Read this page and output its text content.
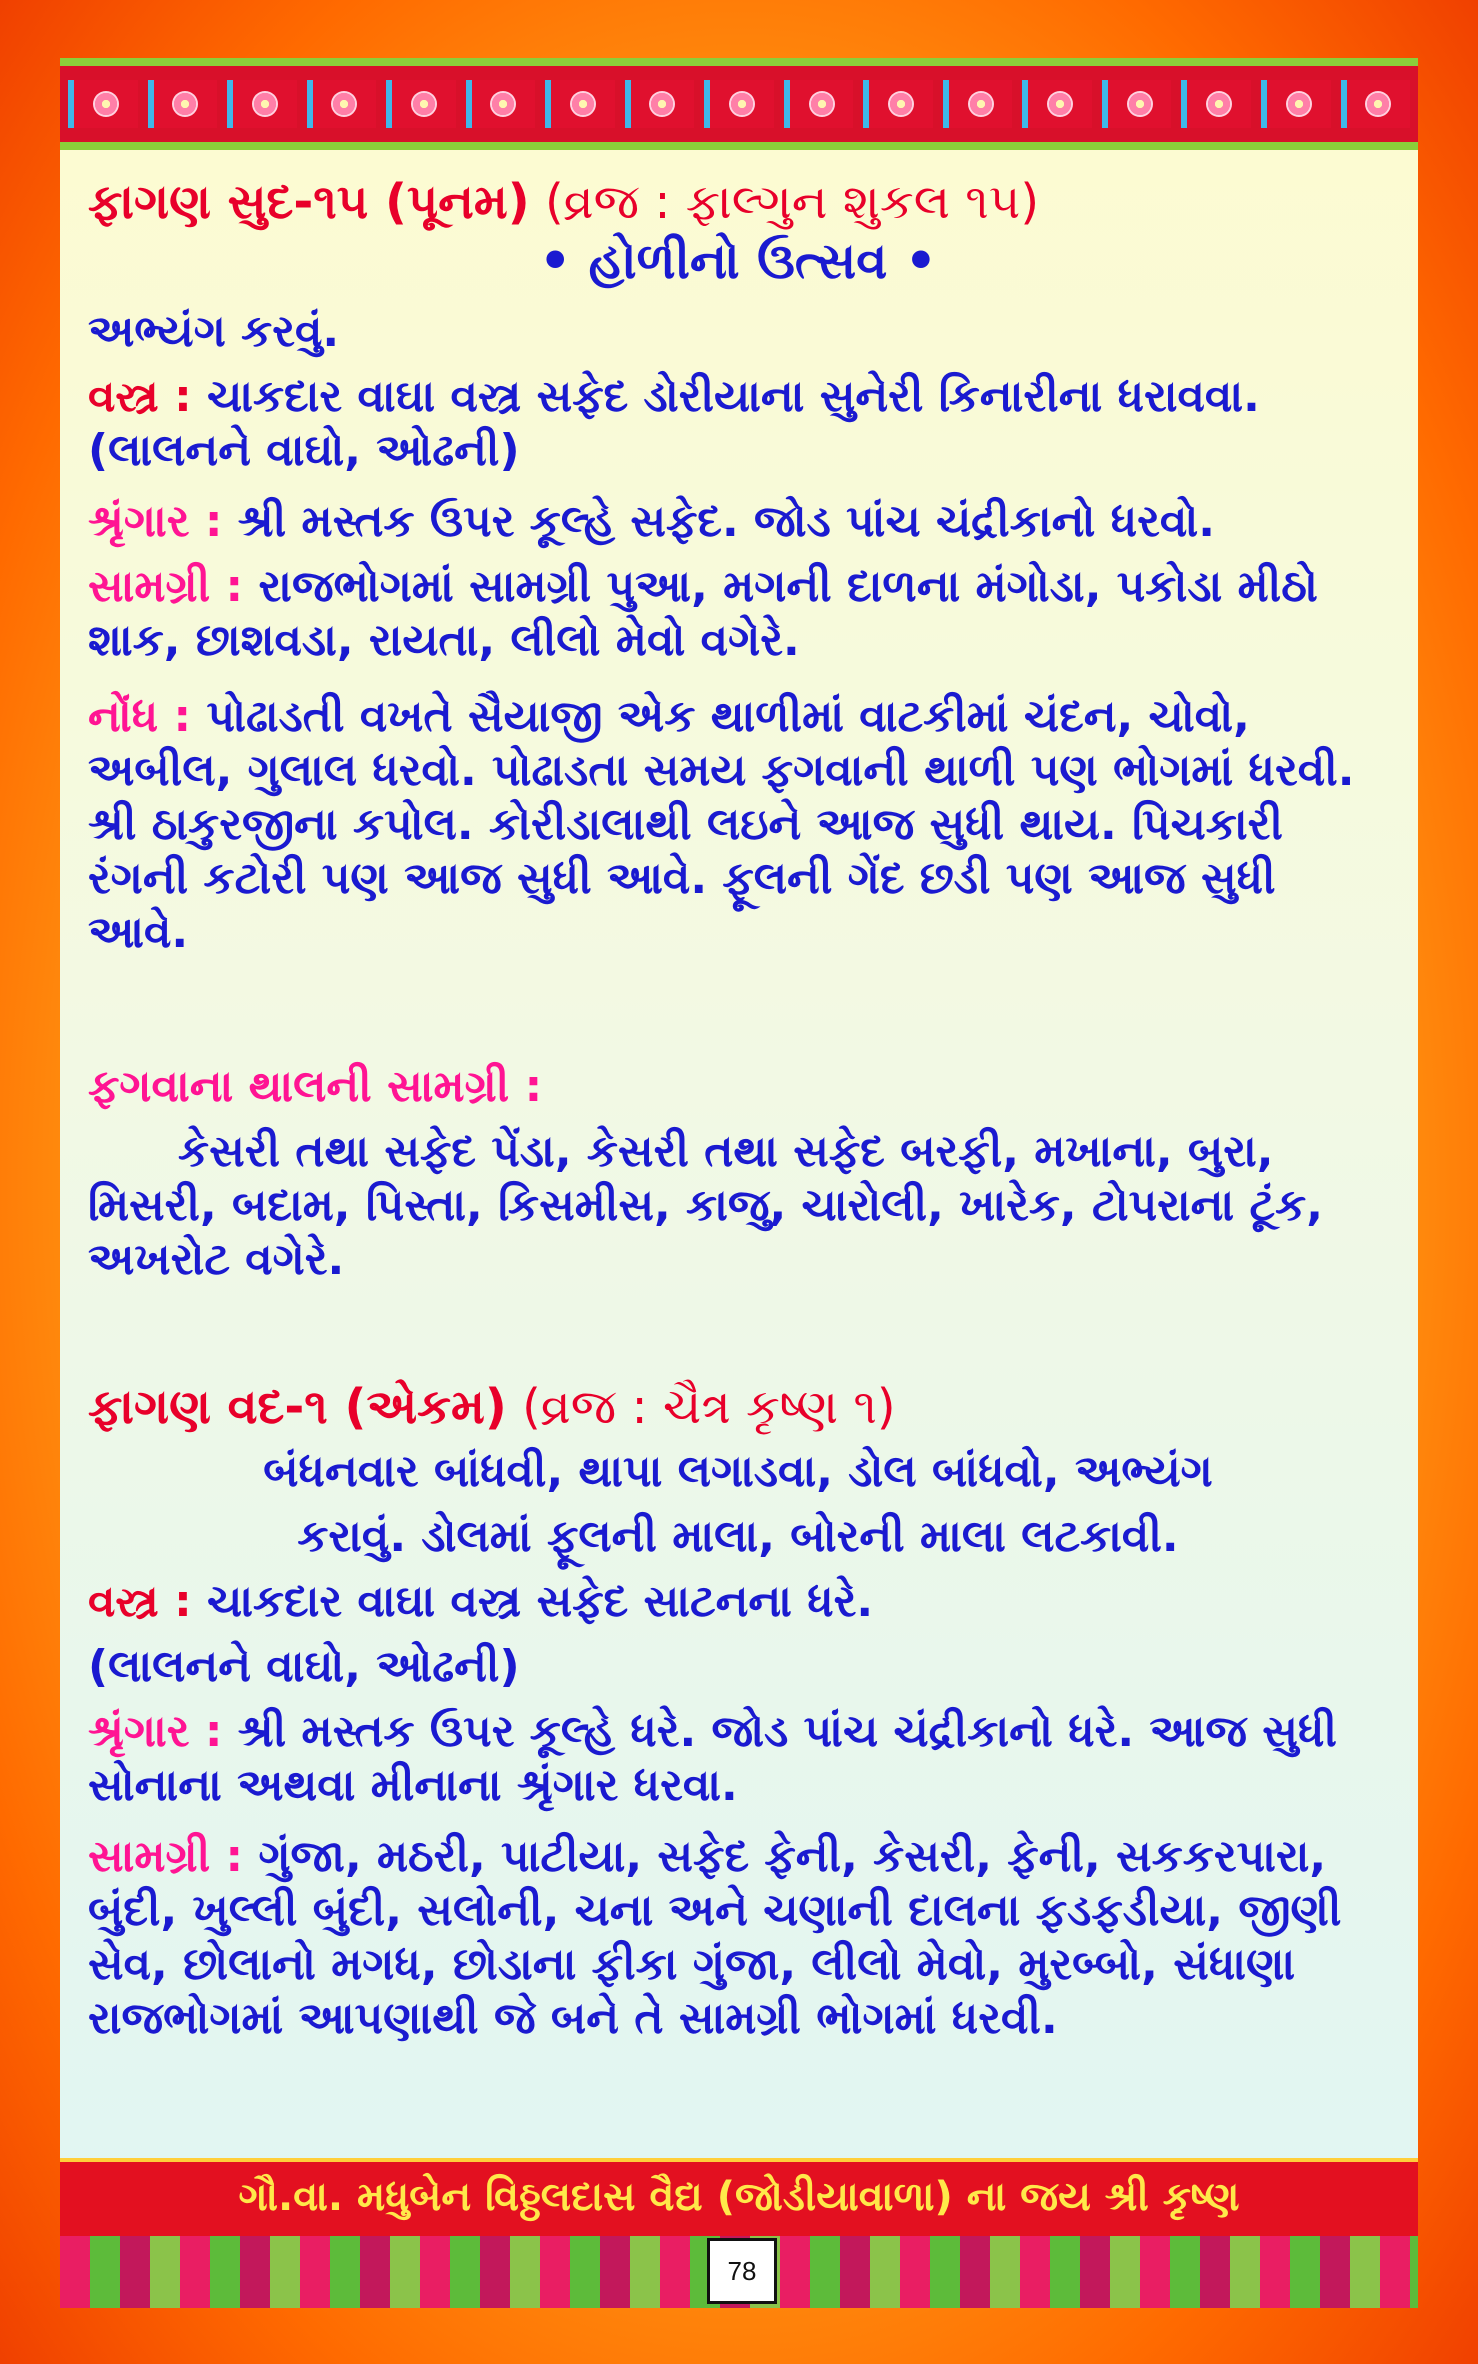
ફાગણ સુદ-૧૫ (પૂનમ) (વ્રજ : ફાલ્ગુન શુકલ ૧૫)
• હોળીનો ઉત્સવ •
અભ્યંગ કરવું.
વસ્ત્ર : ચાકદાર વાઘા વસ્ત્ર સફેદ ડોરીયાના સુનેરી કિનારીના ધરાવવા. (લાલનને વાઘો, ઓઢની)
શ્રૃંગાર : શ્રી મસ્તક ઉપર કૂલ્હે સફેદ. જોડ પાંચ ચંદ્રીકાનો ધરવો.
સામગ્રી : રાજભોગમાં સામગ્રી પુઆ, મગની દાળના મંગોડા, પકોડા મીઠો શાક, છાશવડા, રાયતા, લીલો મેવો વગેરે.
નોંધ : પોઢાડતી વખતે સૈયાજી એક થાળીમાં વાટકીમાં ચંદન, ચોવો, અબીલ, ગુલાલ ધરવો. પોઢાડતા સમય ફગવાની થાળી પણ ભોગમાં ધરવી. શ્રી ઠાકુરજીના કપોલ. કોરીડાલાથી લઇને આજ સુધી થાય. પિચકારી રંગની કટોરી પણ આજ સુધી આવે. ફૂલની ગેંદ છડી પણ આજ સુધી આવે.
ફગવાના થાલની સામગ્રી :
કેસરી તથા સફેદ પેંડા, કેસરી તથા સફેદ બરફી, મખાના, બુરા, મિસરી, બદામ, પિસ્તા, કિસમીસ, કાજુ, ચારોલી, ખારેક, ટોપરાના ટૂંક, અખરોટ વગેરે.
ફાગણ વદ-૧ (એકમ) (વ્રજ : ચૈત્ર કૃષ્ણ ૧)
બંધનવાર બાંધવી, થાપા લગાડવા, ડોલ બાંધવો, અભ્યંગ
કરાવું. ડોલમાં ફૂલની માલા, બોરની માલા લટકાવી.
વસ્ત્ર : ચાકદાર વાઘા વસ્ત્ર સફેદ સાટનના ધરે.
(લાલનને વાઘો, ઓઢની)
શ્રૃંગાર : શ્રી મસ્તક ઉપર કૂલ્હે ધરે. જોડ પાંચ ચંદ્રીકાનો ધરે. આજ સુધી સોનાના અથવા મીનાના શ્રૃંગાર ધરવા.
સામગ્રી : ગુંજા, મઠરી, પાટીયા, સફેદ ફેની, કેસરી, ફેની, સકકરપારા, બુંદી, ખુલ્લી બુંદી, સલોની, ચના અને ચણાની દાલના ફડફડીયા, જીણી સેવ, છોલાનો મગધ, છોડાના ફીકા ગુંજા, લીલો મેવો, મુરબ્બો, સંધાણા રાજભોગમાં આપણાથી જે બને તે સામગ્રી ભોગમાં ધરવી.
ગૌ.વા. મધુબેન વિઠ્ઠલદાસ વૈદ્ય (જોડીયાવાળા) ના જય શ્રી કૃષ્ણ
78
